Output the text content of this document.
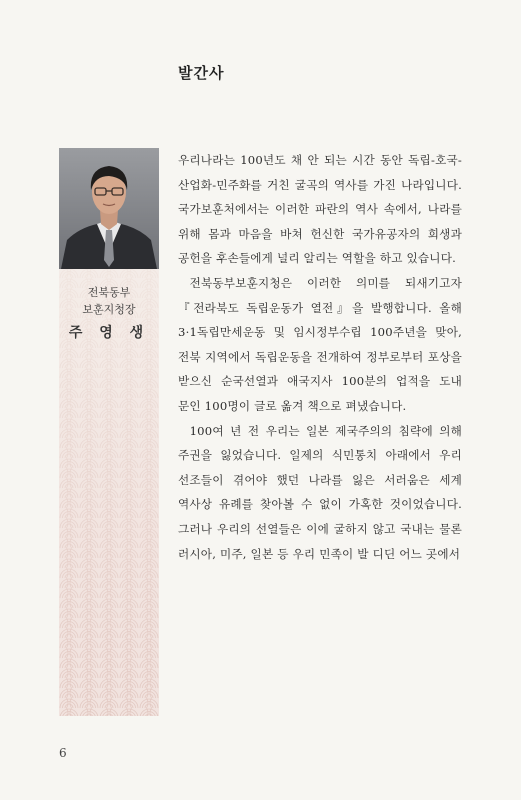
발간사
전북동부
보훈지청장
주 영 생

우리나라는 100년도 채 안 되는 시간 동안 독립-호국-산업화-민주화를 거친 굴곡의 역사를 가진 나라입니다. 국가보훈처에서는 이러한 파란의 역사 속에서, 나라를 위해 몸과 마음을 바쳐 헌신한 국가유공자의 희생과 공헌을 후손들에게 널리 알리는 역할을 하고 있습니다.

전북동부보훈지청은 이러한 의미를 되새기고자 『전라북도 독립운동가 열전』을 발행합니다. 올해 3·1독립만세운동 및 임시정부수립 100주년을 맞아, 전북 지역에서 독립운동을 전개하여 정부로부터 포상을 받으신 순국선열과 애국지사 100분의 업적을 도내 문인 100명이 글로 옮겨 책으로 펴냈습니다.

100여 년 전 우리는 일본 제국주의의 침략에 의해 주권을 잃었습니다. 일제의 식민통치 아래에서 우리 선조들이 겪어야 했던 나라를 잃은 서러움은 세계 역사상 유례를 찾아볼 수 없이 가혹한 것이었습니다. 그러나 우리의 선열들은 이에 굴하지 않고 국내는 물론 러시아, 미주, 일본 등 우리 민족이 발 디딘 어느 곳에서

6
